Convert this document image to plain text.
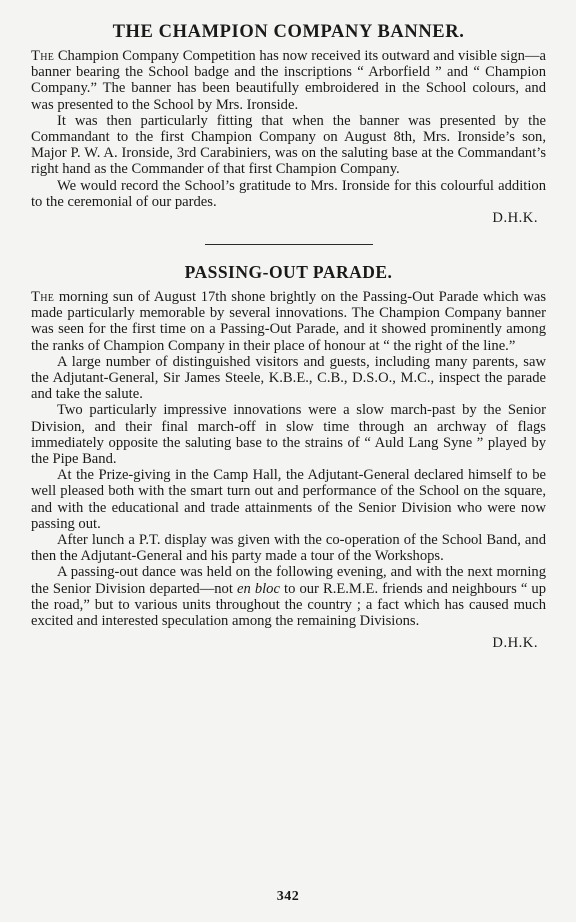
THE CHAMPION COMPANY BANNER.

The Champion Company Competition has now received its outward and visible sign—a banner bearing the School badge and the inscriptions “ Arborfield ” and “ Champion Company.” The banner has been beautifully embroidered in the School colours, and was presented to the School by Mrs. Ironside.

It was then particularly fitting that when the banner was presented by the Commandant to the first Champion Company on August 8th, Mrs. Ironside’s son, Major P. W. A. Ironside, 3rd Carabiniers, was on the saluting base at the Commandant’s right hand as the Commander of that first Champion Company.

We would record the School’s gratitude to Mrs. Ironside for this colourful addition to the ceremonial of our pardes.

D.H.K.
PASSING-OUT PARADE.

The morning sun of August 17th shone brightly on the Passing-Out Parade which was made particularly memorable by several innovations. The Champion Company banner was seen for the first time on a Passing-Out Parade, and it showed prominently among the ranks of Champion Company in their place of honour at “ the right of the line.”

A large number of distinguished visitors and guests, including many parents, saw the Adjutant-General, Sir James Steele, K.B.E., C.B., D.S.O., M.C., inspect the parade and take the salute.

Two particularly impressive innovations were a slow march-past by the Senior Division, and their final march-off in slow time through an archway of flags immediately opposite the saluting base to the strains of “ Auld Lang Syne ” played by the Pipe Band.

At the Prize-giving in the Camp Hall, the Adjutant-General declared himself to be well pleased both with the smart turn out and performance of the School on the square, and with the educational and trade attainments of the Senior Division who were now passing out.

After lunch a P.T. display was given with the co-operation of the School Band, and then the Adjutant-General and his party made a tour of the Workshops.

A passing-out dance was held on the following evening, and with the next morning the Senior Division departed—not en bloc to our R.E.M.E. friends and neighbours “ up the road,” but to various units throughout the country ; a fact which has caused much excited and interested speculation among the remaining Divisions.

D.H.K.
342
